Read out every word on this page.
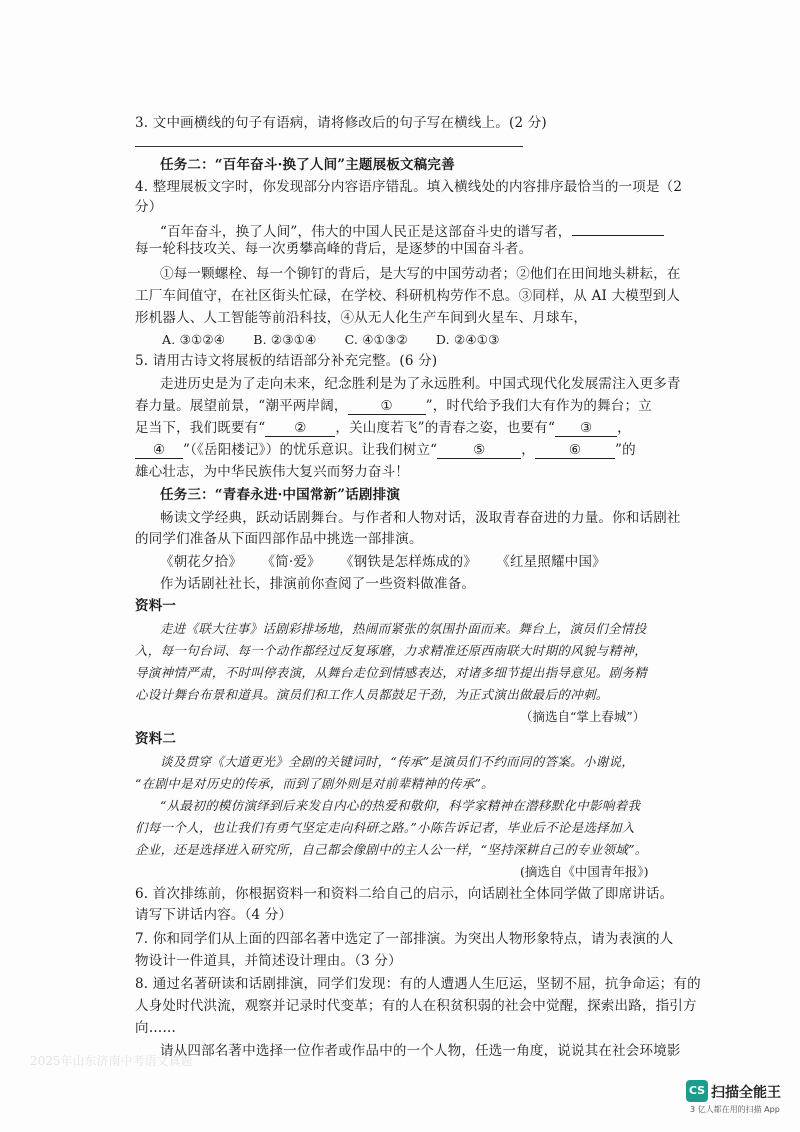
3. 文中画横线的句子有语病，请将修改后的句子写在横线上。(2 分)
任务二：“百年奋斗·换了人间”主题展板文稿完善
4. 整理展板文字时，你发现部分内容语序错乱。填入横线处的内容排序最恰当的一项是（2
分）
“百年奋斗，换了人间”，伟大的中国人民正是这部奋斗史的谱写者，
每一轮科技攻关、每一次勇攀高峰的背后，是逐梦的中国奋斗者。
①每一颗螺栓、每一个铆钉的背后，是大写的中国劳动者；②他们在田间地头耕耘，在
工厂车间值守，在社区街头忙碌，在学校、科研机构劳作不息。③同样，从 AI 大模型到人
形机器人、人工智能等前沿科技，④从无人化生产车间到火星车、月球车，
A. ③①②④ B. ②③①④ C. ④①③② D. ②④①③
5. 请用古诗文将展板的结语部分补充完整。(6 分)
走进历史是为了走向未来，纪念胜利是为了永远胜利。中国式现代化发展需注入更多青
春力量。展望前景，“潮平两岸阔， ① ”，时代给予我们大有作为的舞台；立
足当下，我们既要有“ ② ，关山度若飞”的青春之姿，也要有“ ③ ，
④ ”（《岳阳楼记》）的忧乐意识。让我们树立“	⑤	，	⑥	”的
雄心壮志，为中华民族伟大复兴而努力奋斗！
任务三：“青春永进·中国常新”话剧排演
畅读文学经典，跃动话剧舞台。与作者和人物对话，汲取青春奋进的力量。你和话剧社
的同学们准备从下面四部作品中挑选一部排演。
《朝花夕拾》 《简·爱》 《钢铁是怎样炼成的》 《红星照耀中国》
作为话剧社社长，排演前你查阅了一些资料做准备。
资料一
走进《联大往事》话剧彩排场地，热闹而紧张的氛围扑面而来。舞台上，演员们全情投
入，每一句台词、每一个动作都经过反复琢磨，力求精准还原西南联大时期的风貌与精神，
导演神情严肃，不时叫停表演，从舞台走位到情感表达，对诸多细节提出指导意见。剧务精
心设计舞台布景和道具。演员们和工作人员都鼓足干劲，为正式演出做最后的冲刺。
（摘选自“掌上春城”）
资料二
谈及贯穿《大道更光》全剧的关键词时，“传承”是演员们不约而同的答案。小谢说，
“在剧中是对历史的传承，而到了剧外则是对前辈精神的传承”。
“从最初的模仿演绎到后来发自内心的热爱和敬仰，科学家精神在潜移默化中影响着我
们每一个人，也让我们有勇气坚定走向科研之路。”小陈告诉记者，毕业后不论是选择加入
企业，还是选择进入研究所，自己都会像剧中的主人公一样，“坚持深耕自己的专业领域”。
(摘选自《中国青年报》)
6. 首次排练前，你根据资料一和资料二给自己的启示，向话剧社全体同学做了即席讲话。
请写下讲话内容。（4 分）
7. 你和同学们从上面的四部名著中选定了一部排演。为突出人物形象特点，请为表演的人
物设计一件道具，并简述设计理由。（3 分）
8. 通过名著研读和话剧排演，同学们发现：有的人遭遇人生厄运，坚韧不屈，抗争命运；有的
人身处时代洪流，观察并记录时代变革；有的人在积贫积弱的社会中觉醒，探索出路，指引方
向……
请从四部名著中选择一位作者或作品中的一个人物，任选一角度，说说其在社会环境影
2025年山东济南中考语文真题
CS 扫描全能王
3 亿人都在用的扫描 App
